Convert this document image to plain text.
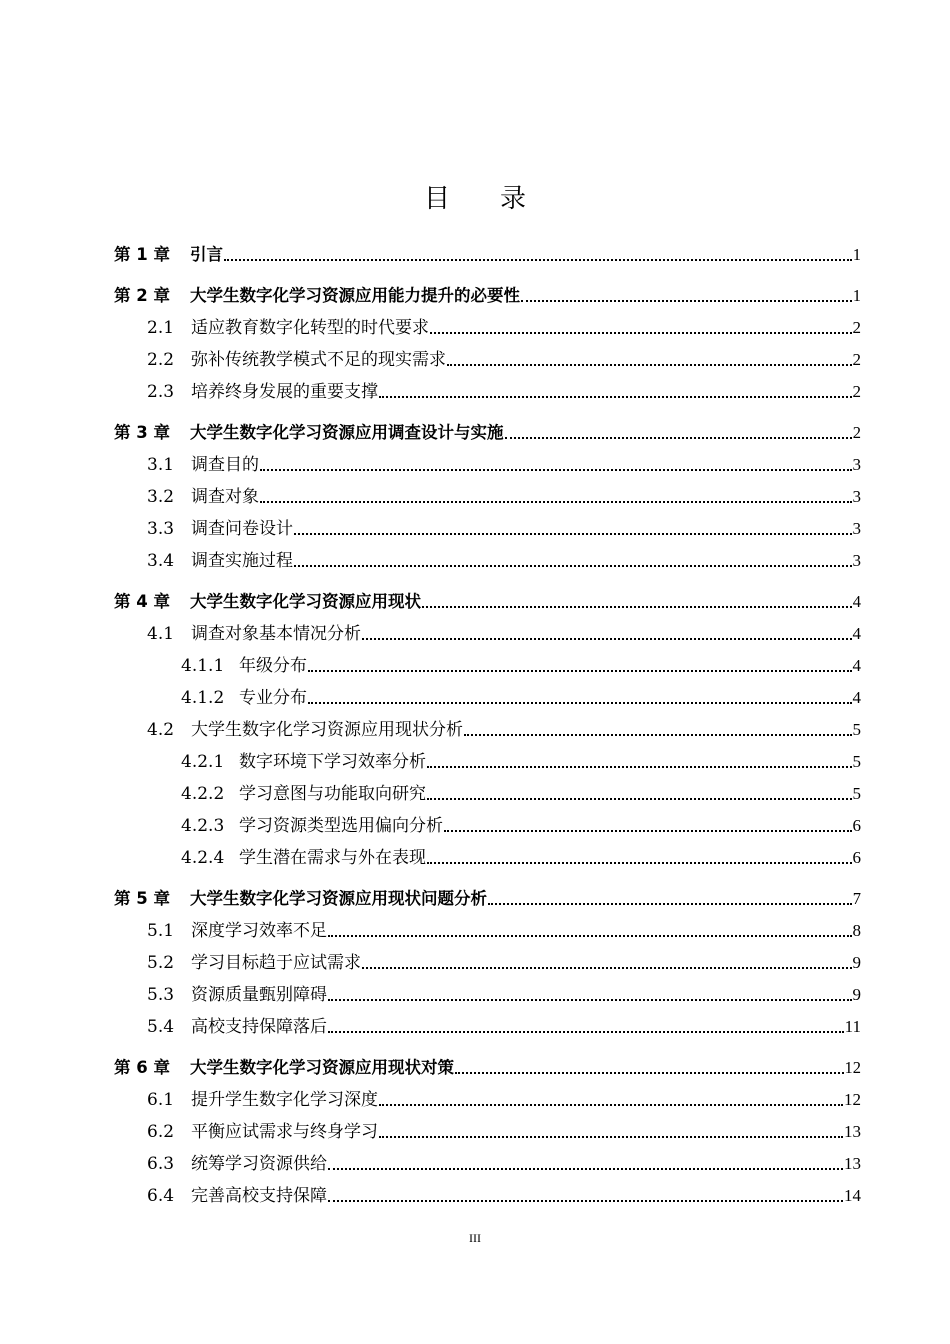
目录
第 1 章	引言	1
第 2 章	大学生数字化学习资源应用能力提升的必要性	1
2.1 适应教育数字化转型的时代要求	2
2.2 弥补传统教学模式不足的现实需求	2
2.3 培养终身发展的重要支撑	2
第 3 章	大学生数字化学习资源应用调查设计与实施	2
3.1 调查目的	3
3.2 调查对象	3
3.3 调查问卷设计	3
3.4 调查实施过程	3
第 4 章	大学生数字化学习资源应用现状	4
4.1 调查对象基本情况分析	4
4.1.1 年级分布	4
4.1.2 专业分布	4
4.2 大学生数字化学习资源应用现状分析	5
4.2.1 数字环境下学习效率分析	5
4.2.2 学习意图与功能取向研究	5
4.2.3 学习资源类型选用偏向分析	6
4.2.4 学生潜在需求与外在表现	6
第 5 章	大学生数字化学习资源应用现状问题分析	7
5.1 深度学习效率不足	8
5.2 学习目标趋于应试需求	9
5.3 资源质量甄别障碍	9
5.4 高校支持保障落后	11
第 6 章	大学生数字化学习资源应用现状对策	12
6.1 提升学生数字化学习深度	12
6.2 平衡应试需求与终身学习	13
6.3 统筹学习资源供给	13
6.4 完善高校支持保障	14
III
